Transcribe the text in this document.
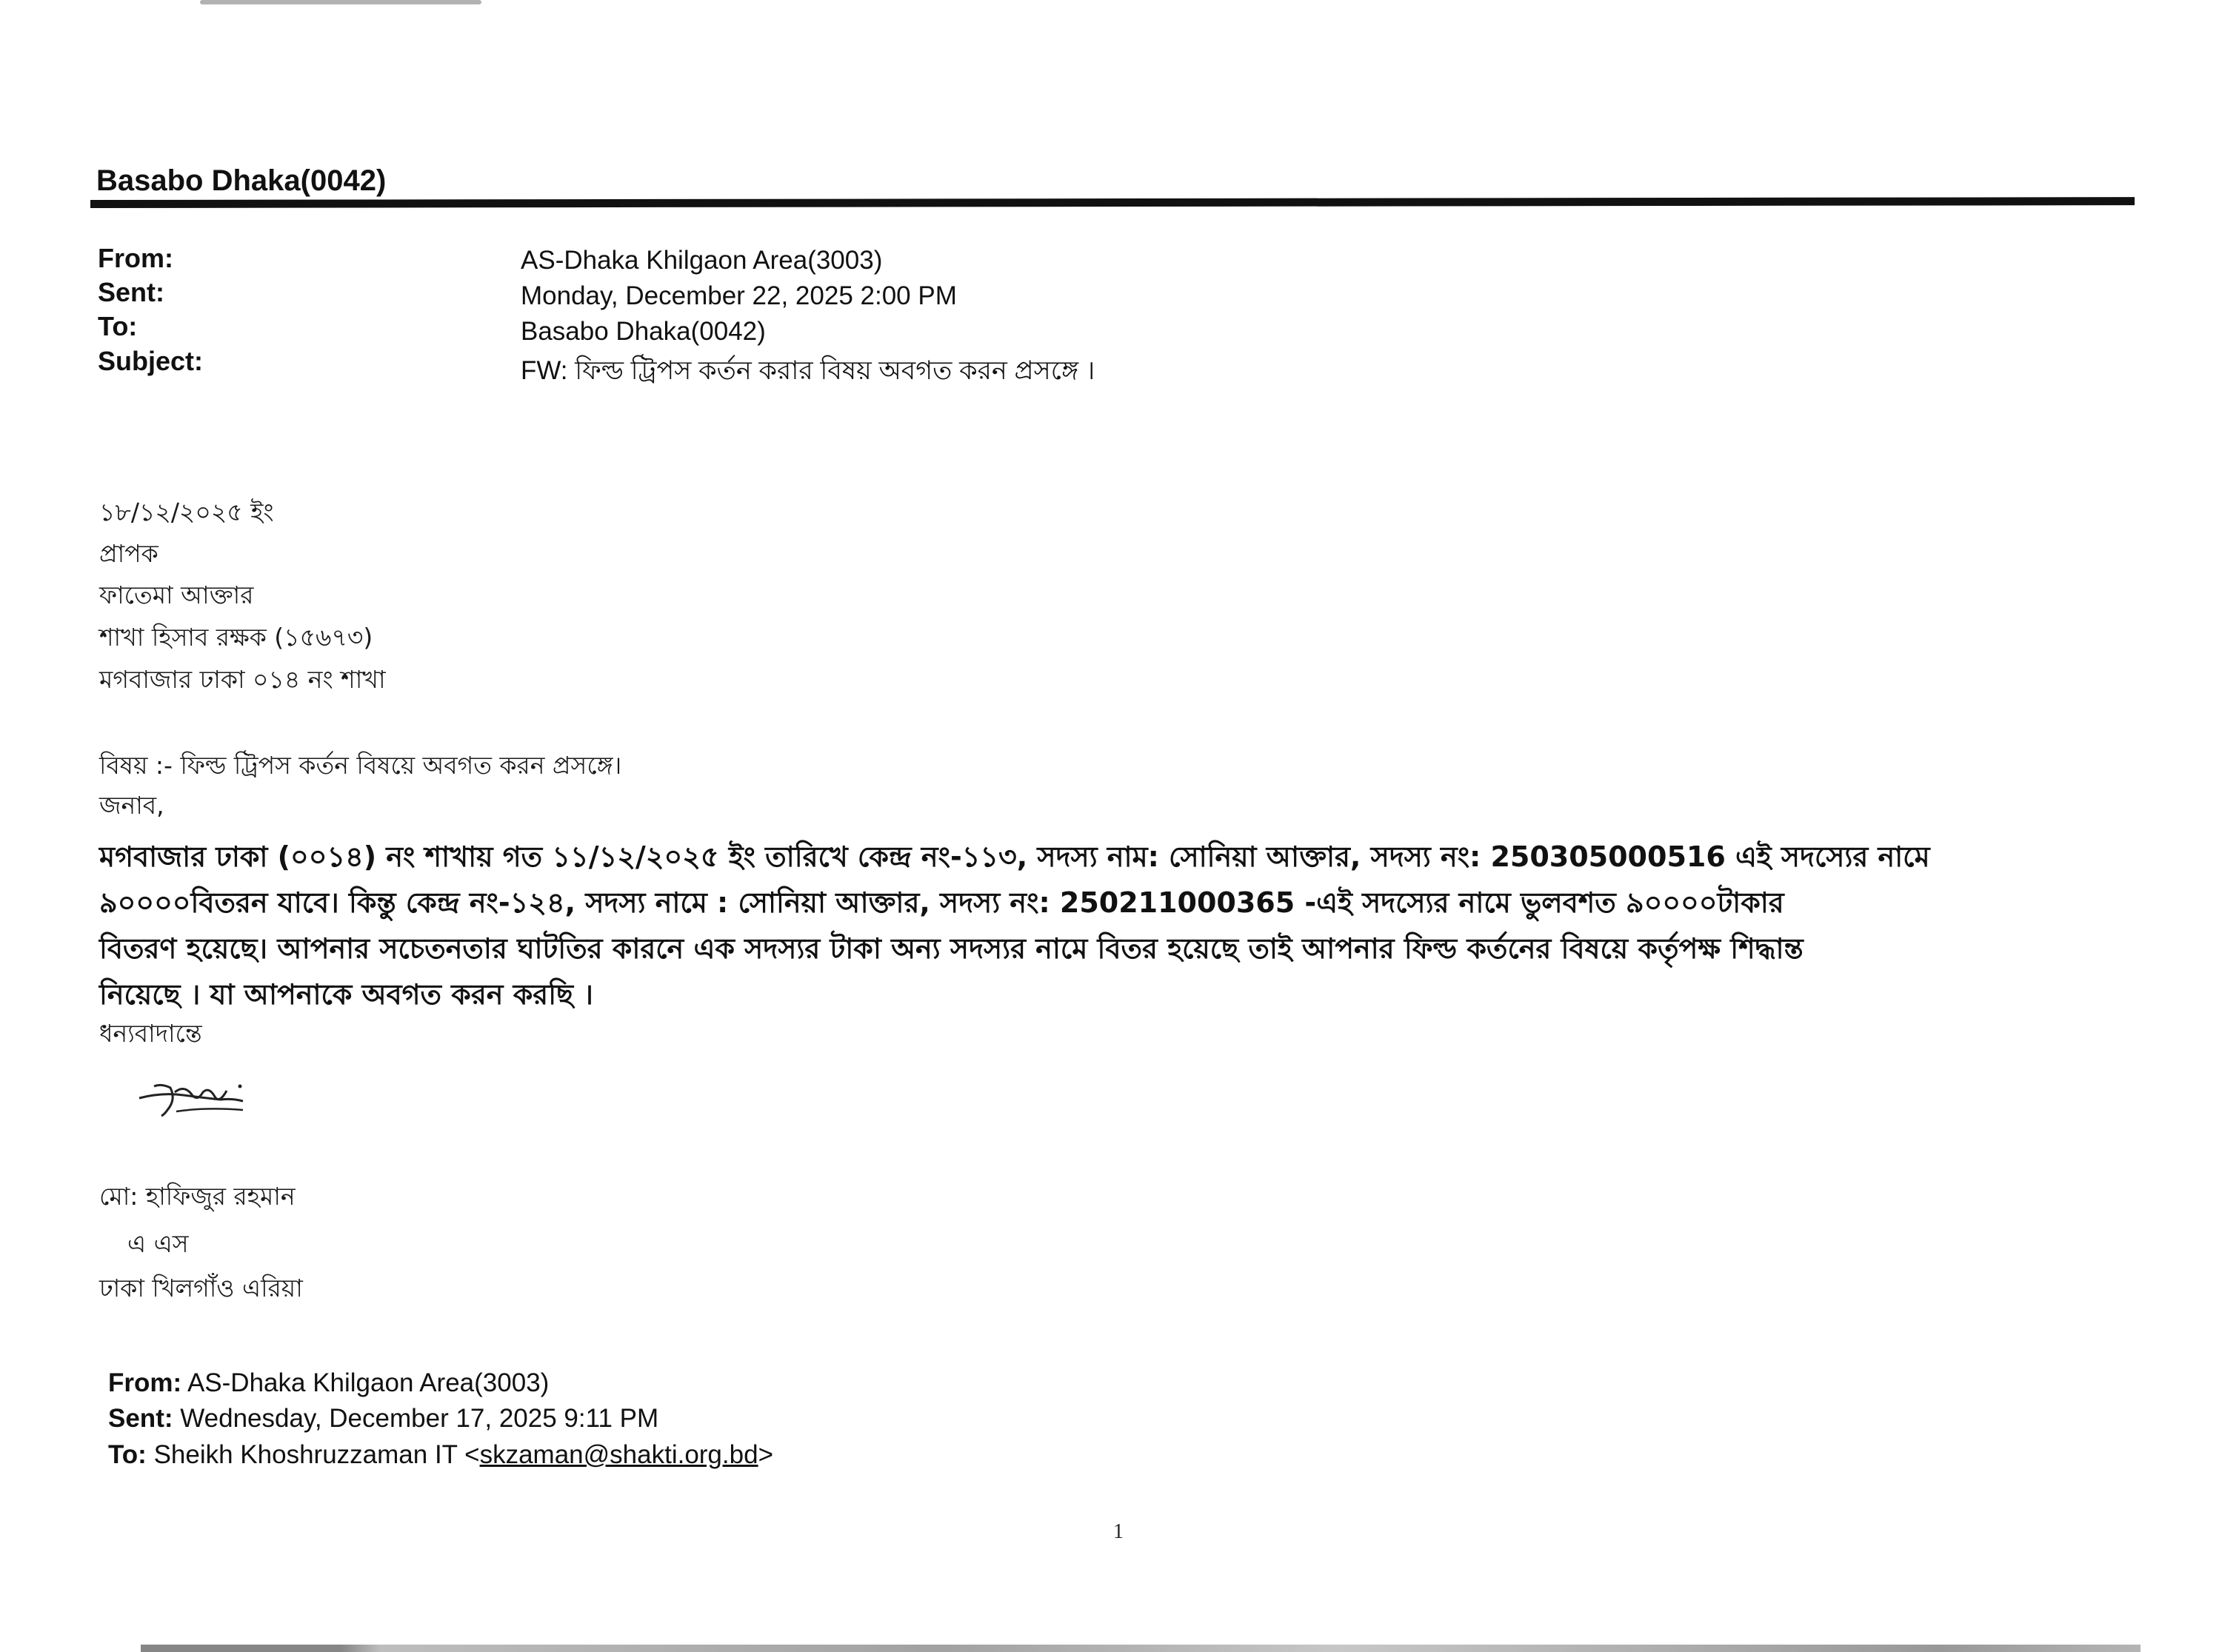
Basabo Dhaka(0042)
From:	AS-Dhaka Khilgaon Area(3003)
Sent:	Monday, December 22, 2025 2:00 PM
To:	Basabo Dhaka(0042)
Subject:	FW: ফিল্ড ট্রিপস কর্তন করার বিষয় অবগত করন প্রসঙ্গে ।
১৮/১২/২০২৫ ইং
প্রাপক
ফাতেমা আক্তার
শাখা হিসাব রক্ষক (১৫৬৭৩)
মগবাজার ঢাকা ০১৪ নং শাখা
বিষয় :- ফিল্ড ট্রিপস কর্তন বিষয়ে অবগত করন প্রসঙ্গে।
জনাব,
মগবাজার ঢাকা (০০১৪) নং শাখায় গত ১১/১২/২০২৫ ইং তারিখে কেন্দ্র নং-১১৩, সদস্য নাম: সোনিয়া আক্তার, সদস্য নং: 250305000516 এই সদস্যের নামে
৯০০০০বিতরন যাবে। কিন্তু কেন্দ্র নং-১২৪, সদস্য নামে : সোনিয়া আক্তার, সদস্য নং: 250211000365 -এই সদস্যের নামে ভুলবশত ৯০০০০টাকার
বিতরণ হয়েছে। আপনার সচেতনতার ঘাটতির কারনে এক সদস্যর টাকা অন্য সদস্যর নামে বিতর হয়েছে তাই আপনার ফিল্ড কর্তনের বিষয়ে কর্তৃপক্ষ শিদ্ধান্ত
নিয়েছে । যা আপনাকে অবগত করন করছি ।
ধন্যবাদান্তে
মো: হাফিজুর রহমান
এ এস
ঢাকা খিলগাঁও এরিয়া
From: AS-Dhaka Khilgaon Area(3003)
Sent: Wednesday, December 17, 2025 9:11 PM
To: Sheikh Khoshruzzaman IT <skzaman@shakti.org.bd>
1
